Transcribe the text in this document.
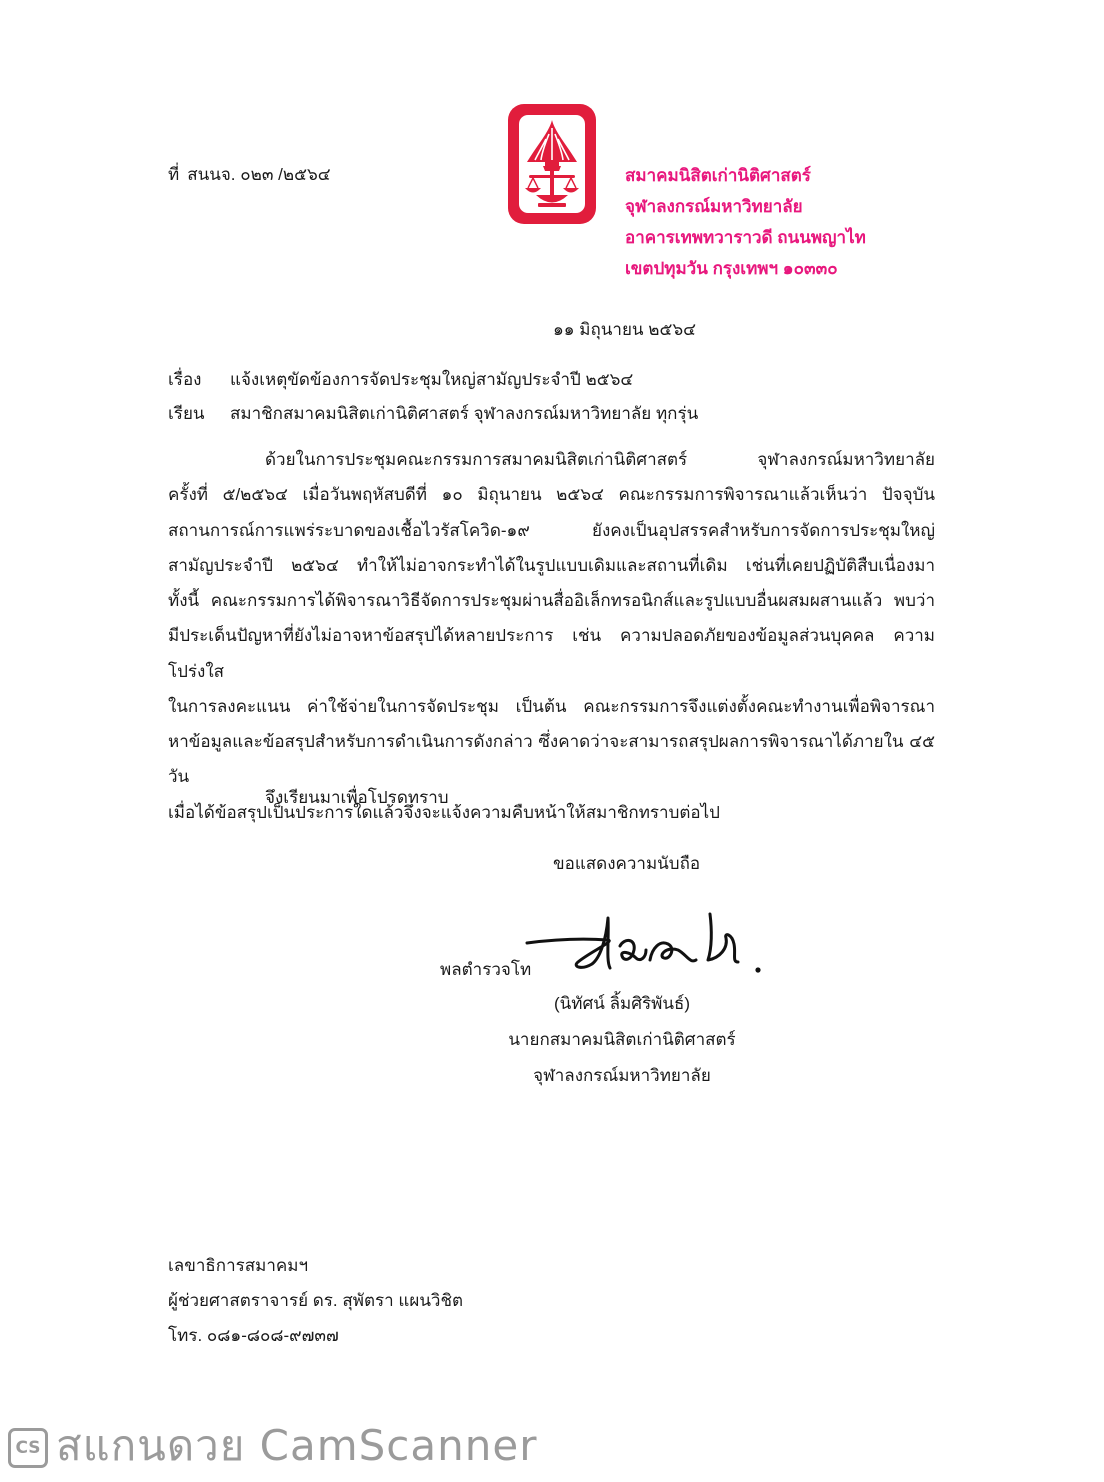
ที่ สนนจ. ๐๒๓ /๒๕๖๔	สมาคมนิสิตเก่านิติศาสตร์
จุฬาลงกรณ์มหาวิทยาลัย
อาคารเทพทวาราวดี ถนนพญาไท
เขตปทุมวัน กรุงเทพฯ ๑๐๓๓๐
๑๑ มิถุนายน ๒๕๖๔
เรื่อง แจ้งเหตุขัดข้องการจัดประชุมใหญ่สามัญประจำปี ๒๕๖๔
เรียน สมาชิกสมาคมนิสิตเก่านิติศาสตร์ จุฬาลงกรณ์มหาวิทยาลัย ทุกรุ่น
ด้วยในการประชุมคณะกรรมการสมาคมนิสิตเก่านิติศาสตร์ จุฬาลงกรณ์มหาวิทยาลัย
ครั้งที่ ๕/๒๕๖๔ เมื่อวันพฤหัสบดีที่ ๑๐ มิถุนายน ๒๕๖๔ คณะกรรมการพิจารณาแล้วเห็นว่า ปัจจุบัน
สถานการณ์การแพร่ระบาดของเชื้อไวรัสโควิด-๑๙ ยังคงเป็นอุปสรรคสำหรับการจัดการประชุมใหญ่
สามัญประจำปี ๒๕๖๔ ทำให้ไม่อาจกระทำได้ในรูปแบบเดิมและสถานที่เดิม เช่นที่เคยปฏิบัติสืบเนื่องมา
ทั้งนี้ คณะกรรมการได้พิจารณาวิธีจัดการประชุมผ่านสื่ออิเล็กทรอนิกส์และรูปแบบอื่นผสมผสานแล้ว พบว่า
มีประเด็นปัญหาที่ยังไม่อาจหาข้อสรุปได้หลายประการ เช่น ความปลอดภัยของข้อมูลส่วนบุคคล ความโปร่งใส
ในการลงคะแนน ค่าใช้จ่ายในการจัดประชุม เป็นต้น คณะกรรมการจึงแต่งตั้งคณะทำงานเพื่อพิจารณา
หาข้อมูลและข้อสรุปสำหรับการดำเนินการดังกล่าว ซึ่งคาดว่าจะสามารถสรุปผลการพิจารณาได้ภายใน ๔๕ วัน
เมื่อได้ข้อสรุปเป็นประการใดแล้วจึงจะแจ้งความคืบหน้าให้สมาชิกทราบต่อไป
จึงเรียนมาเพื่อโปรดทราบ
ขอแสดงความนับถือ
พลตำรวจโท
(นิทัศน์ ลิ้มศิริพันธ์)
นายกสมาคมนิสิตเก่านิติศาสตร์
จุฬาลงกรณ์มหาวิทยาลัย
เลขาธิการสมาคมฯ
ผู้ช่วยศาสตราจารย์ ดร. สุพัตรา แผนวิชิต
โทร. ๐๘๑-๘๐๘-๙๗๓๗
CS สแกนดวย CamScanner
